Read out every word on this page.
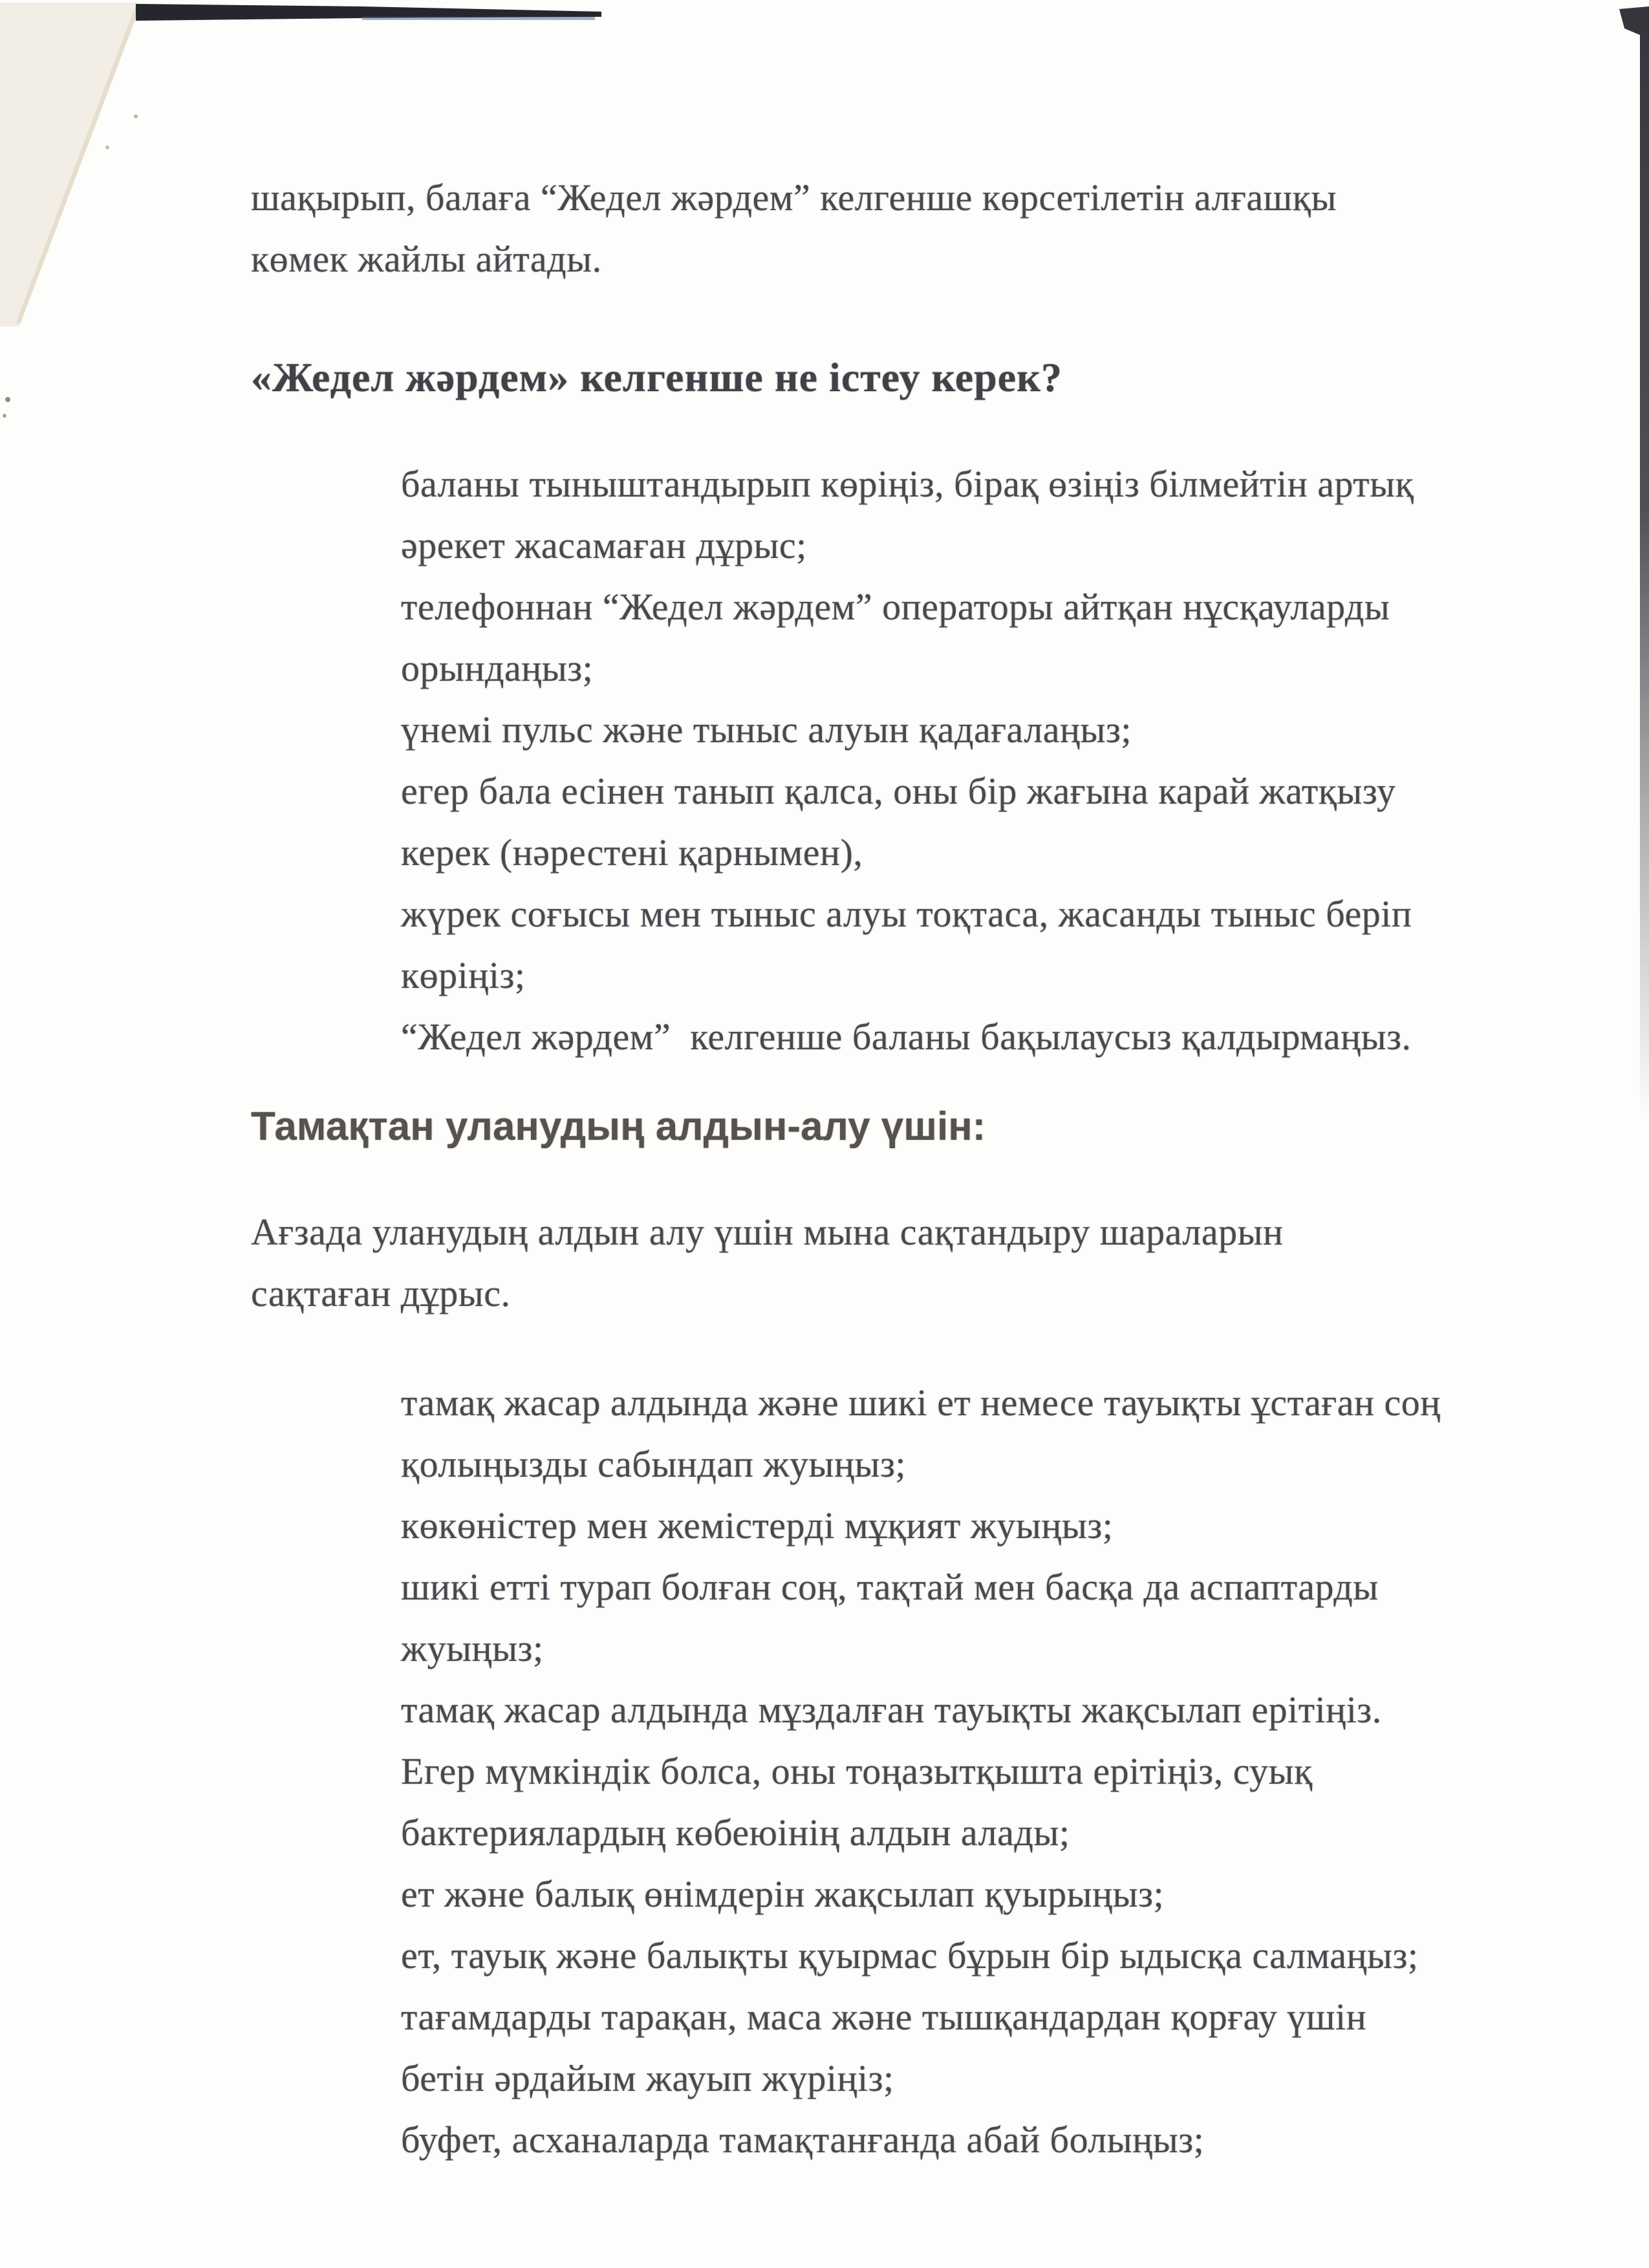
шақырып, балаға “Жедел жәрдем” келгенше көрсетілетін алғашқы
көмек жайлы айтады.
«Жедел жәрдем» келгенше не істеу керек?
баланы тыныштандырып көріңіз, бірақ өзіңіз білмейтін артық
әрекет жасамаған дұрыс;
телефоннан “Жедел жәрдем” операторы айтқан нұсқауларды
орындаңыз;
үнемі пульс және тыныс алуын қадағалаңыз;
егер бала есінен танып қалса, оны бір жағына карай жатқызу
керек (нәрестені қарнымен),
жүрек соғысы мен тыныс алуы тоқтаса, жасанды тыныс беріп
көріңіз;
“Жедел жәрдем”  келгенше баланы бақылаусыз қалдырмаңыз.
Тамақтан уланудың алдын-алу үшін:
Ағзада уланудың алдын алу үшін мына сақтандыру шараларын
сақтаған дұрыс.
тамақ жасар алдында және шикі ет немесе тауықты ұстаған соң
қолыңызды сабындап жуыңыз;
көкөністер мен жемістерді мұқият жуыңыз;
шикі етті турап болған соң, тақтай мен басқа да аспаптарды
жуыңыз;
тамақ жасар алдында мұздалған тауықты жақсылап ерітіңіз.
Егер мүмкіндік болса, оны тоңазытқышта ерітіңіз, суық
бактериялардың көбеюінің алдын алады;
ет және балық өнімдерін жақсылап қуырыңыз;
ет, тауық және балықты қуырмас бұрын бір ыдысқа салмаңыз;
тағамдарды тарақан, маса және тышқандардан қорғау үшін
бетін әрдайым жауып жүріңіз;
буфет, асханаларда тамақтанғанда абай болыңыз;
